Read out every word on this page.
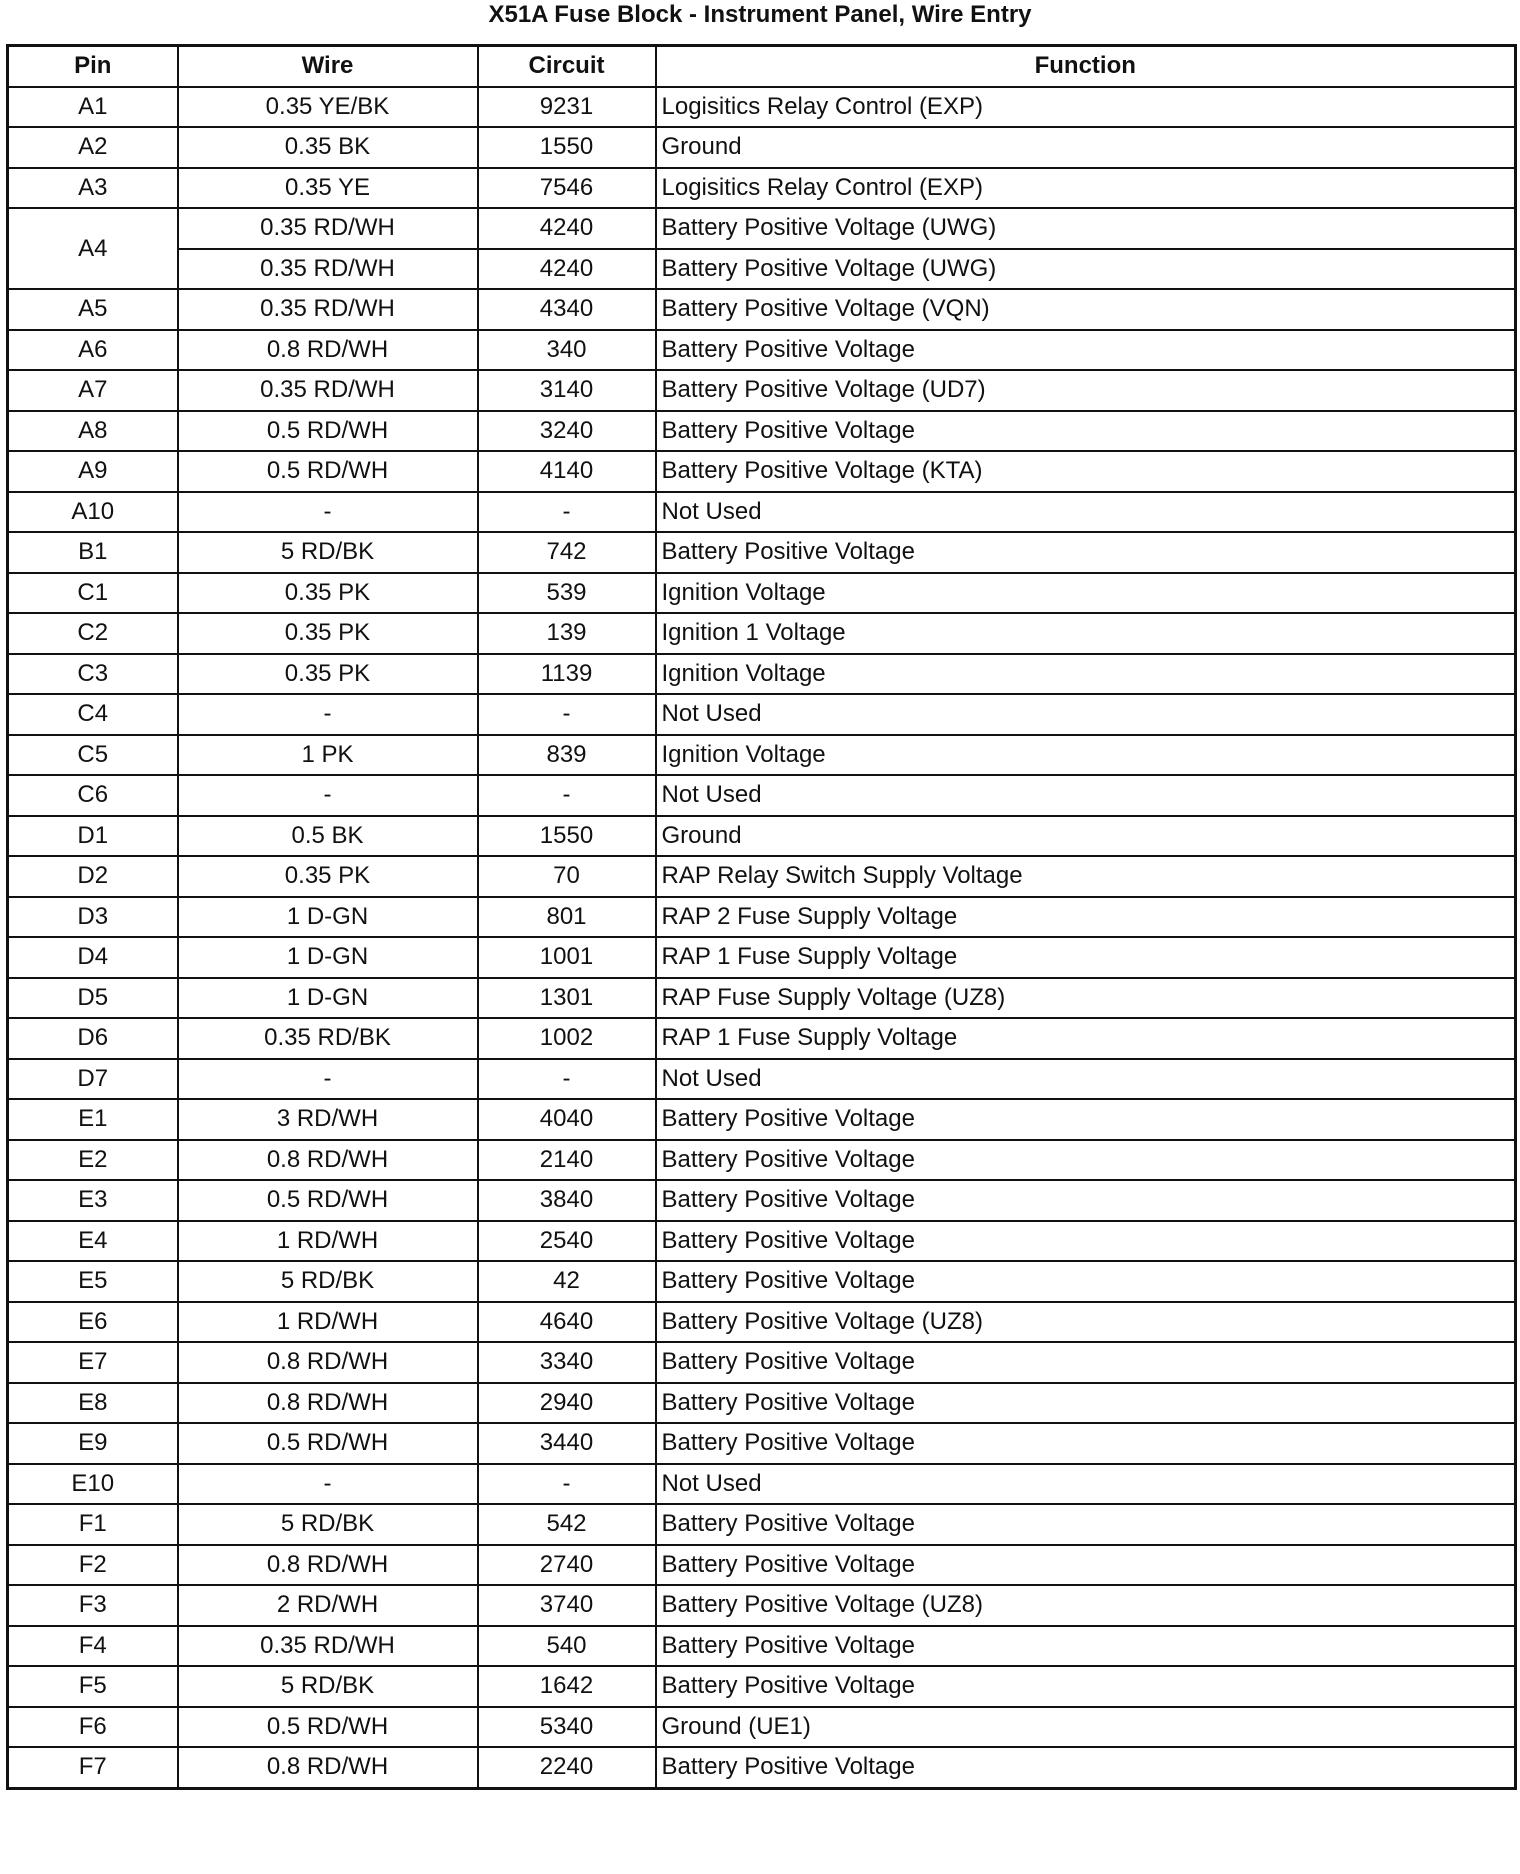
X51A Fuse Block - Instrument Panel, Wire Entry
Pin	Wire	Circuit	Function
A1	0.35 YE/BK	9231	Logisitics Relay Control (EXP)
A2	0.35 BK	1550	Ground
A3	0.35 YE	7546	Logisitics Relay Control (EXP)
A4	0.35 RD/WH	4240	Battery Positive Voltage (UWG)
	0.35 RD/WH	4240	Battery Positive Voltage (UWG)
A5	0.35 RD/WH	4340	Battery Positive Voltage (VQN)
A6	0.8 RD/WH	340	Battery Positive Voltage
A7	0.35 RD/WH	3140	Battery Positive Voltage (UD7)
A8	0.5 RD/WH	3240	Battery Positive Voltage
A9	0.5 RD/WH	4140	Battery Positive Voltage (KTA)
A10	-	-	Not Used
B1	5 RD/BK	742	Battery Positive Voltage
C1	0.35 PK	539	Ignition Voltage
C2	0.35 PK	139	Ignition 1 Voltage
C3	0.35 PK	1139	Ignition Voltage
C4	-	-	Not Used
C5	1 PK	839	Ignition Voltage
C6	-	-	Not Used
D1	0.5 BK	1550	Ground
D2	0.35 PK	70	RAP Relay Switch Supply Voltage
D3	1 D-GN	801	RAP 2 Fuse Supply Voltage
D4	1 D-GN	1001	RAP 1 Fuse Supply Voltage
D5	1 D-GN	1301	RAP Fuse Supply Voltage (UZ8)
D6	0.35 RD/BK	1002	RAP 1 Fuse Supply Voltage
D7	-	-	Not Used
E1	3 RD/WH	4040	Battery Positive Voltage
E2	0.8 RD/WH	2140	Battery Positive Voltage
E3	0.5 RD/WH	3840	Battery Positive Voltage
E4	1 RD/WH	2540	Battery Positive Voltage
E5	5 RD/BK	42	Battery Positive Voltage
E6	1 RD/WH	4640	Battery Positive Voltage (UZ8)
E7	0.8 RD/WH	3340	Battery Positive Voltage
E8	0.8 RD/WH	2940	Battery Positive Voltage
E9	0.5 RD/WH	3440	Battery Positive Voltage
E10	-	-	Not Used
F1	5 RD/BK	542	Battery Positive Voltage
F2	0.8 RD/WH	2740	Battery Positive Voltage
F3	2 RD/WH	3740	Battery Positive Voltage (UZ8)
F4	0.35 RD/WH	540	Battery Positive Voltage
F5	5 RD/BK	1642	Battery Positive Voltage
F6	0.5 RD/WH	5340	Ground (UE1)
F7	0.8 RD/WH	2240	Battery Positive Voltage
